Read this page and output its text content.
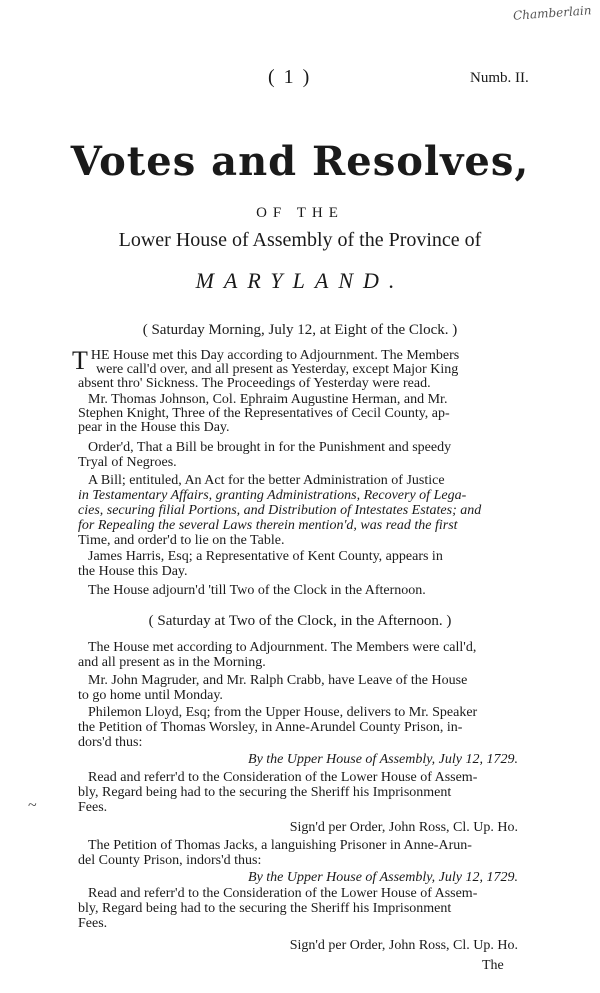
Chamberlain
( 1 )	Numb. II.
Votes and Resolves,
OF THE
Lower House of Assembly of the Province of
MARYLAND.
( Saturday Morning, July 12, at Eight of the Clock. )
THE House met this Day according to Adjournment. The Members
were call'd over, and all present as Yesterday, except Major King
absent thro' Sickness. The Proceedings of Yesterday were read.
Mr. Thomas Johnson, Col. Ephraim Augustine Herman, and Mr.
Stephen Knight, Three of the Representatives of Cecil County, ap-
pear in the House this Day.
Order'd, That a Bill be brought in for the Punishment and speedy
Tryal of Negroes.
A Bill; entituled, An Act for the better Administration of Justice
in Testamentary Affairs, granting Administrations, Recovery of Lega-
cies, securing filial Portions, and Distribution of Intestates Estates; and
for Repealing the several Laws therein mention'd, was read the first
Time, and order'd to lie on the Table.
James Harris, Esq; a Representative of Kent County, appears in
the House this Day.
The House adjourn'd 'till Two of the Clock in the Afternoon.
( Saturday at Two of the Clock, in the Afternoon. )
The House met according to Adjournment. The Members were call'd,
and all present as in the Morning.
Mr. John Magruder, and Mr. Ralph Crabb, have Leave of the House
to go home until Monday.
Philemon Lloyd, Esq; from the Upper House, delivers to Mr. Speaker
the Petition of Thomas Worsley, in Anne-Arundel County Prison, in-
dors'd thus:
By the Upper House of Assembly, July 12, 1729.
Read and referr'd to the Consideration of the Lower House of Assem-
bly, Regard being had to the securing the Sheriff his Imprisonment
Fees.
~
Sign'd per Order, John Ross, Cl. Up. Ho.
The Petition of Thomas Jacks, a languishing Prisoner in Anne-Arun-
del County Prison, indors'd thus:
By the Upper House of Assembly, July 12, 1729.
Read and referr'd to the Consideration of the Lower House of Assem-
bly, Regard being had to the securing the Sheriff his Imprisonment
Fees.
Sign'd per Order, John Ross, Cl. Up. Ho.
The
